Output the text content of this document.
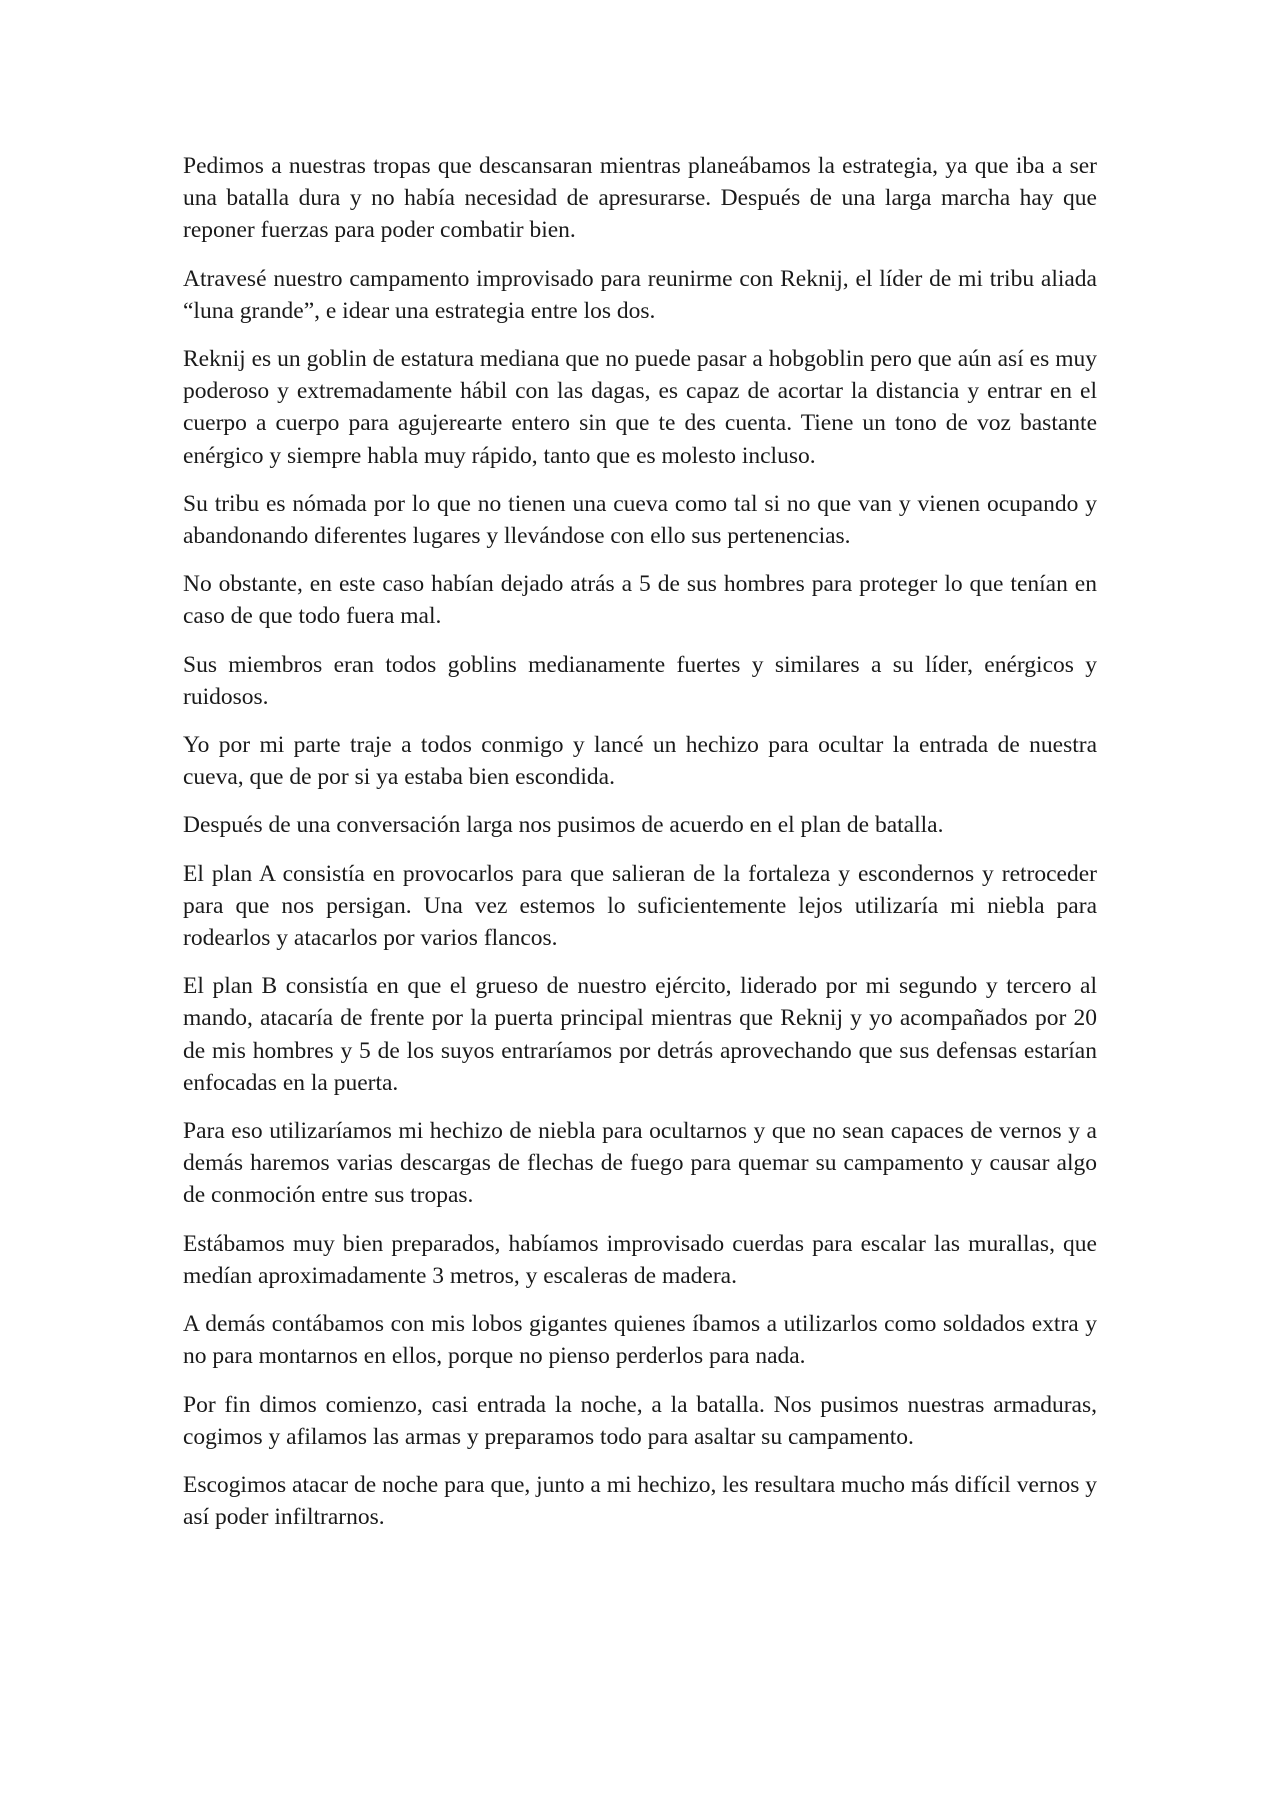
Pedimos a nuestras tropas que descansaran mientras planeábamos la estrategia, ya que iba a ser una batalla dura y no había necesidad de apresurarse. Después de una larga marcha hay que reponer fuerzas para poder combatir bien.

Atravesé nuestro campamento improvisado para reunirme con Reknij, el líder de mi tribu aliada “luna grande”, e idear una estrategia entre los dos.

Reknij es un goblin de estatura mediana que no puede pasar a hobgoblin pero que aún así es muy poderoso y extremadamente hábil con las dagas, es capaz de acortar la distancia y entrar en el cuerpo a cuerpo para agujerearte entero sin que te des cuenta. Tiene un tono de voz bastante enérgico y siempre habla muy rápido, tanto que es molesto incluso.

Su tribu es nómada por lo que no tienen una cueva como tal si no que van y vienen ocupando y abandonando diferentes lugares y llevándose con ello sus pertenencias.

No obstante, en este caso habían dejado atrás a 5 de sus hombres para proteger lo que tenían en caso de que todo fuera mal.

Sus miembros eran todos goblins medianamente fuertes y similares a su líder, enérgicos y ruidosos.

Yo por mi parte traje a todos conmigo y lancé un hechizo para ocultar la entrada de nuestra cueva, que de por si ya estaba bien escondida.

Después de una conversación larga nos pusimos de acuerdo en el plan de batalla.

El plan A consistía en provocarlos para que salieran de la fortaleza y escondernos y retroceder para que nos persigan. Una vez estemos lo suficientemente lejos utilizaría mi niebla para rodearlos y atacarlos por varios flancos.

El plan B consistía en que el grueso de nuestro ejército, liderado por mi segundo y tercero al mando, atacaría de frente por la puerta principal mientras que Reknij y yo acompañados por 20 de mis hombres y 5 de los suyos entraríamos por detrás aprovechando que sus defensas estarían enfocadas en la puerta.

Para eso utilizaríamos mi hechizo de niebla para ocultarnos y que no sean capaces de vernos y a demás haremos varias descargas de flechas de fuego para quemar su campamento y causar algo de conmoción entre sus tropas.

Estábamos muy bien preparados, habíamos improvisado cuerdas para escalar las murallas, que medían aproximadamente 3 metros, y escaleras de madera.

A demás contábamos con mis lobos gigantes quienes íbamos a utilizarlos como soldados extra y no para montarnos en ellos, porque no pienso perderlos para nada.

Por fin dimos comienzo, casi entrada la noche, a la batalla. Nos pusimos nuestras armaduras, cogimos y afilamos las armas y preparamos todo para asaltar su campamento.

Escogimos atacar de noche para que, junto a mi hechizo, les resultara mucho más difícil vernos y así poder infiltrarnos.
